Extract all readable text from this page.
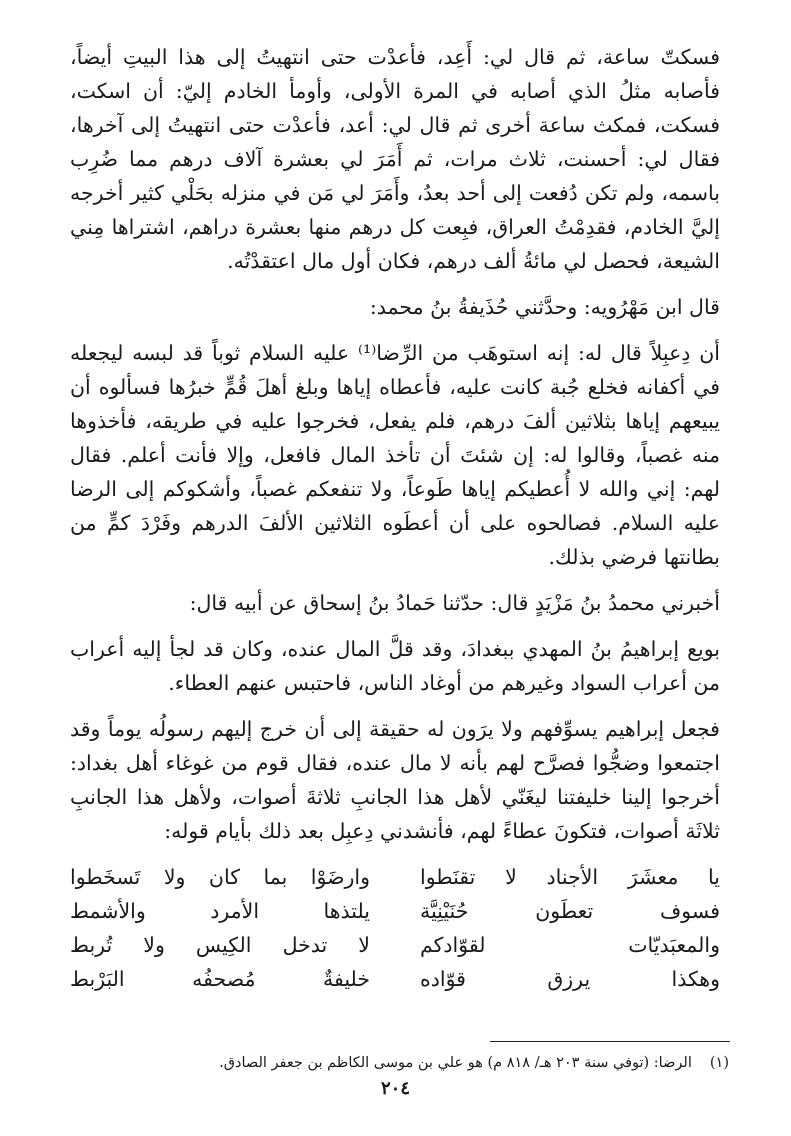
فسكتّ ساعة، ثم قال لي: أَعِد، فأعدْت حتى انتهيتُ إلى هذا البيتِ أيضاً، فأصابه مثلُ الذي أصابه في المرة الأولى، وأومأ الخادم إليّ: أن اسكت، فسكت، فمكث ساعة أخرى ثم قال لي: أعد، فأعدْت حتى انتهيتُ إلى آخرها، فقال لي: أحسنت، ثلاث مرات، ثم أَمَرَ لي بعشرة آلاف درهم مما ضُرِب باسمه، ولم تكن دُفعت إلى أحد بعدُ، وأَمَرَ لي مَن في منزله بحَلْي كثير أخرجه إليَّ الخادم، فقدِمْتُ العراق، فبِعت كل درهم منها بعشرة دراهم، اشتراها مِني الشيعة، فحصل لي مائةُ ألف درهم، فكان أول مال اعتقدْتُه.

قال ابن مَهْرُويه: وحدَّثني حُذَيفةُ بنُ محمد:

أن دِعبِلاً قال له: إنه استوهَب من الرِّضا⁽¹⁾ عليه السلام ثوباً قد لبسه ليجعله في أكفانه فخلع جُبة كانت عليه، فأعطاه إياها وبلغ أهلَ قُمٍّ خبرُها فسألوه أن يبيعهم إياها بثلاثين ألفَ درهم، فلم يفعل، فخرجوا عليه في طريقه، فأخذوها منه غصباً، وقالوا له: إن شئتَ أن تأخذ المال فافعل، وإلا فأنت أعلم. فقال لهم: إني والله لا أُعطيكم إياها طَوعاً، ولا تنفعكم غصباً، وأشكوكم إلى الرضا عليه السلام. فصالحوه على أن أعطَوه الثلاثين الألفَ الدرهم وفَرْدَ كمٍّ من بطانتها فرضي بذلك.

أخبرني محمدُ بنُ مَزْيَدٍ قال: حدّثنا حَمادُ بنُ إسحاق عن أبيه قال:

بويع إبراهيمُ بنُ المهدي ببغدادَ، وقد قلَّ المال عنده، وكان قد لجأ إليه أعراب من أعراب السواد وغيرهم من أوغاد الناس، فاحتبس عنهم العطاء.

فجعل إبراهيم يسوِّفهم ولا يرَون له حقيقة إلى أن خرج إليهم رسولُه يوماً وقد اجتمعوا وضجُّوا فصرَّح لهم بأنه لا مال عنده، فقال قوم من غوغاء أهل بغداد: أخرجوا إلينا خليفتنا ليغَنّي لأهل هذا الجانبِ ثلاثةَ أصوات، ولأهل هذا الجانبِ ثلاثَة أصوات، فتكونَ عطاءً لهم، فأنشدني دِعبِل بعد ذلك بأيام قوله:

يا معشَرَ الأجناد لا تقنَطوا
وارضَوْا بما كان ولا تَسخَطوا
فسوف تعطَون حُنَيْنِيَّة
يلتذها الأمرد والأشمط
والمعبَديّات لقوّادكم
لا تدخل الكِيس ولا تُربط
وهكذا يرزق قوّاده
خليفةٌ مُصحفُه البَرْبط
(١)الرضا: (توفي سنة ٢٠٣ هـ/ ٨١٨ م) هو علي بن موسى الكاظم بن جعفر الصادق.
٢٠٤
